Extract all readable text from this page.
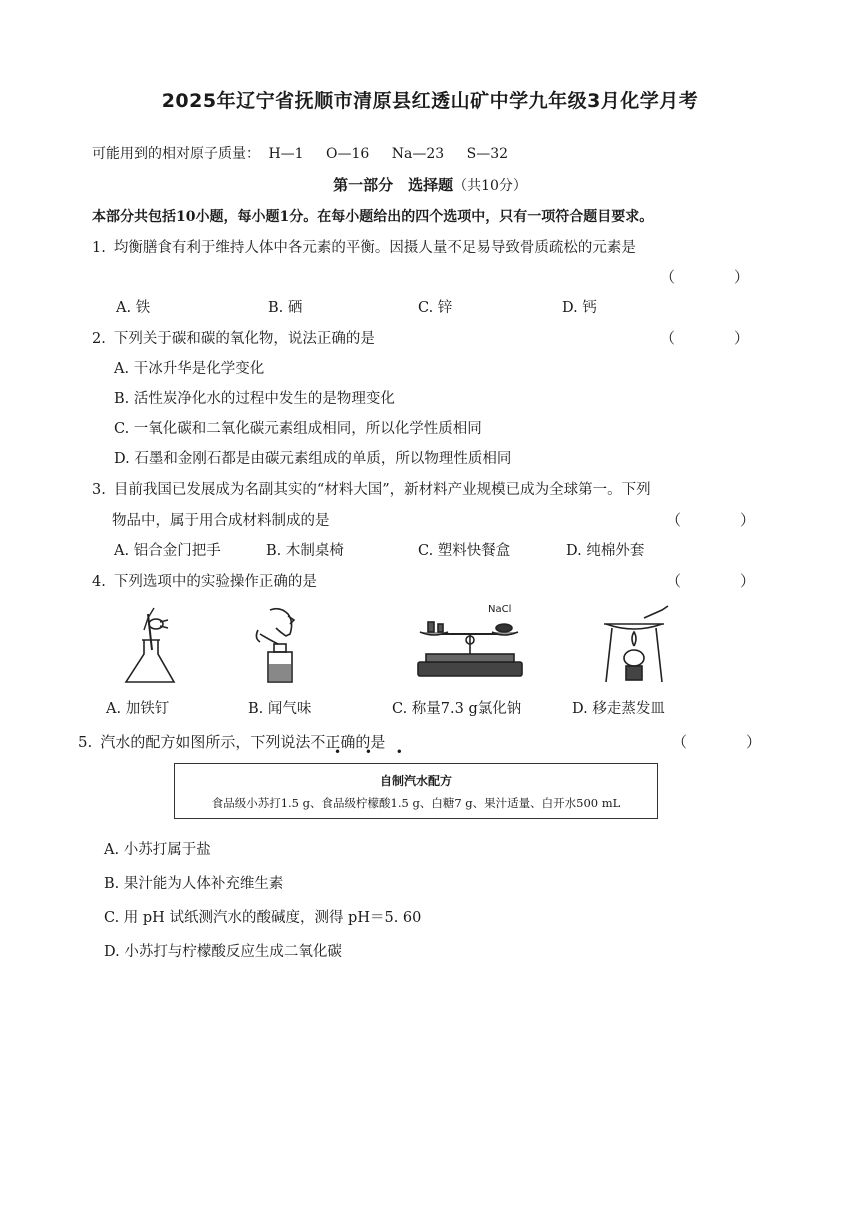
2025年辽宁省抚顺市清原县红透山矿中学九年级3月化学月考
可能用到的相对原子质量： H—1 O—16 Na—23 S—32
第一部分　选择题（共10分）
本部分共包括10小题，每小题1分。在每小题给出的四个选项中，只有一项符合题目要求。
1. 均衡膳食有利于维持人体中各元素的平衡。因摄人量不足易导致骨质疏松的元素是
（　）
A. 铁	B. 硒	C. 锌	D. 钙
2. 下列关于碳和碳的氧化物，说法正确的是	（　）
A. 干冰升华是化学变化
B. 活性炭净化水的过程中发生的是物理变化
C. 一氧化碳和二氧化碳元素组成相同，所以化学性质相同
D. 石墨和金刚石都是由碳元素组成的单质，所以物理性质相同
3. 目前我国已发展成为名副其实的“材料大国”，新材料产业规模已成为全球第一。下列
物品中，属于用合成材料制成的是	（　）
A. 铝合金门把手	B. 木制桌椅	C. 塑料快餐盒	D. 纯棉外套
4. 下列选项中的实验操作正确的是	（　）
NaCl
A. 加铁钉	B. 闻气味	C. 称量7.3 g氯化钠	D. 移走蒸发皿
5. 汽水的配方如图所示，下列说法不正确的是
• • •
（　）
自制汽水配方
食品级小苏打1.5 g、食品级柠檬酸1.5 g、白糖7 g、果汁适量、白开水500 mL
A. 小苏打属于盐
B. 果汁能为人体补充维生素
C. 用 pH 试纸测汽水的酸碱度，测得 pH＝5. 60
D. 小苏打与柠檬酸反应生成二氧化碳
